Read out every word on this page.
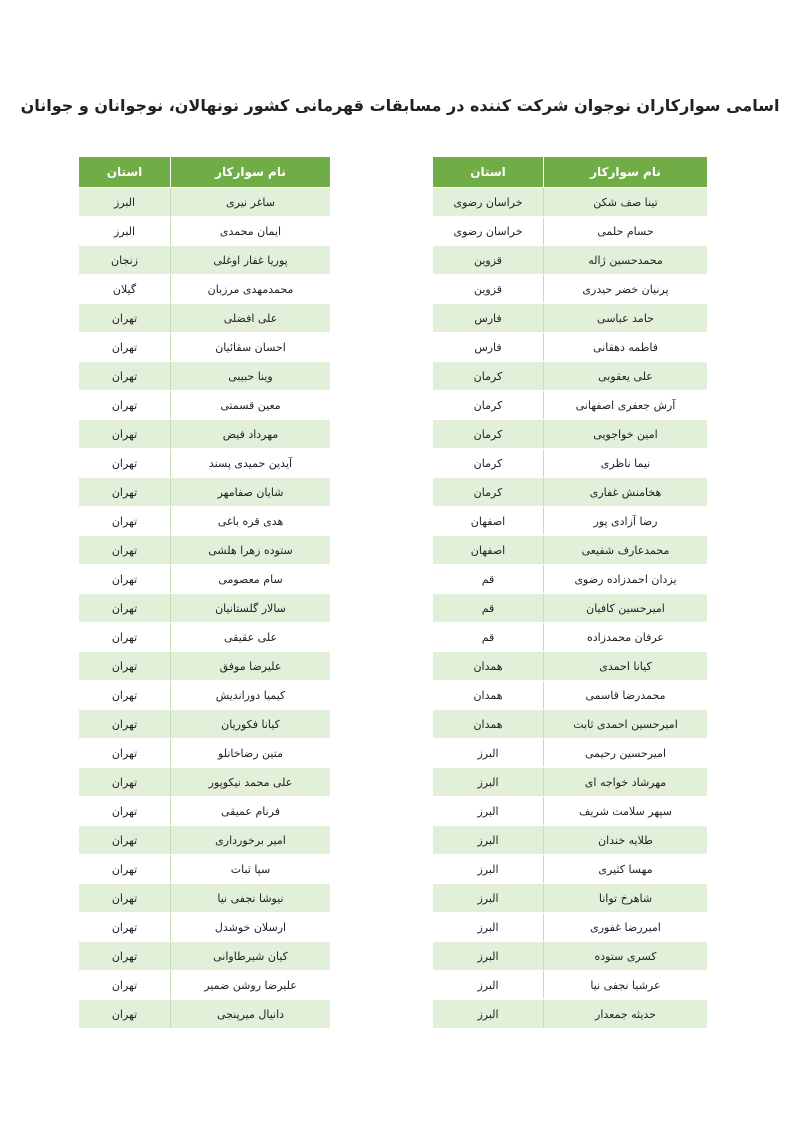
اسامی سوارکاران نوجوان شرکت کننده در مسابقات قهرمانی کشور نونهالان، نوجوانان و جوانان
نام سوارکار	استان
تینا صف شکن	خراسان رضوی
حسام حلمی	خراسان رضوی
محمدحسین ژاله	قزوین
پرنیان خضر حیدری	قزوین
حامد عباسی	فارس
فاطمه دهقانی	فارس
علی یعقوبی	کرمان
آرش جعفری اصفهانی	کرمان
امین خواجویی	کرمان
نیما ناظری	کرمان
هخامنش غفاری	کرمان
رضا آزادی پور	اصفهان
محمدعارف شفیعی	اصفهان
یزدان احمدزاده رضوی	قم
امیرحسین کافیان	قم
عرفان محمدزاده	قم
کیانا احمدی	همدان
محمدرضا قاسمی	همدان
امیرحسین احمدی ثابت	همدان
امیرحسین رحیمی	البرز
مهرشاد خواجه ای	البرز
سپهر سلامت شریف	البرز
طلایه خندان	البرز
مهسا کثیری	البرز
شاهرخ توانا	البرز
امیررضا غفوری	البرز
کسری ستوده	البرز
عرشیا نجفی نیا	البرز
حدیثه جمعدار	البرز
نام سوارکار	استان
ساغر نیری	البرز
ایمان محمدی	البرز
پوریا غفار اوغلی	زنجان
محمدمهدی مرزبان	گیلان
علی افضلی	تهران
احسان سقائیان	تهران
وینا حبیبی	تهران
معین قسمتی	تهران
مهرداد فیض	تهران
آیدین حمیدی پسند	تهران
شایان صفامهر	تهران
هدی قره باغی	تهران
ستوده زهرا هلشی	تهران
سام معصومی	تهران
سالار گلستانیان	تهران
علی عقیقی	تهران
علیرضا موفق	تهران
کیمیا دوراندیش	تهران
کیانا فکوریان	تهران
متین رضاخانلو	تهران
علی محمد نیکوپور	تهران
فرنام عمیقی	تهران
امیر برخورداری	تهران
سپا ثبات	تهران
نیوشا نجفی نیا	تهران
ارسلان خوشدل	تهران
کیان شیرطاوانی	تهران
علیرضا روشن ضمیر	تهران
دانیال میرپنجی	تهران
